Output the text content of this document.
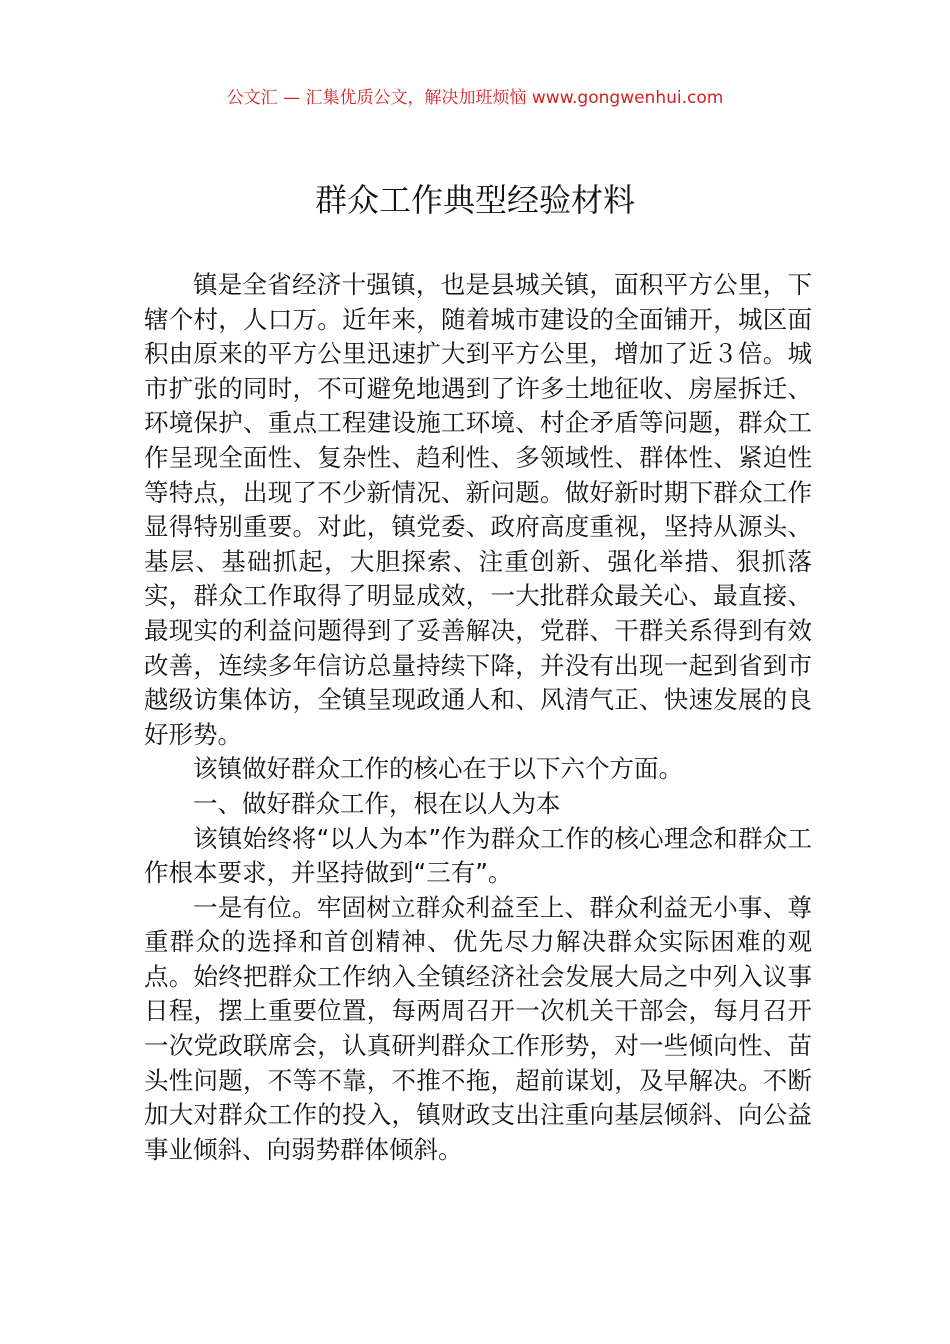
公文汇 — 汇集优质公文，解决加班烦恼 www.gongwenhui.com
群众工作典型经验材料

镇是全省经济十强镇，也是县城关镇，面积平方公里，下辖个村，人口万。近年来，随着城市建设的全面铺开，城区面积由原来的平方公里迅速扩大到平方公里，增加了近３倍。城市扩张的同时，不可避免地遇到了许多土地征收、房屋拆迁、环境保护、重点工程建设施工环境、村企矛盾等问题，群众工作呈现全面性、复杂性、趋利性、多领域性、群体性、紧迫性等特点，出现了不少新情况、新问题。做好新时期下群众工作显得特别重要。对此，镇党委、政府高度重视，坚持从源头、基层、基础抓起，大胆探索、注重创新、强化举措、狠抓落实，群众工作取得了明显成效，一大批群众最关心、最直接、最现实的利益问题得到了妥善解决，党群、干群关系得到有效改善，连续多年信访总量持续下降，并没有出现一起到省到市越级访集体访，全镇呈现政通人和、风清气正、快速发展的良好形势。

该镇做好群众工作的核心在于以下六个方面。

一、做好群众工作，根在以人为本

该镇始终将“以人为本”作为群众工作的核心理念和群众工作根本要求，并坚持做到“三有”。

一是有位。牢固树立群众利益至上、群众利益无小事、尊重群众的选择和首创精神、优先尽力解决群众实际困难的观点。始终把群众工作纳入全镇经济社会发展大局之中列入议事日程，摆上重要位置，每两周召开一次机关干部会，每月召开一次党政联席会，认真研判群众工作形势，对一些倾向性、苗头性问题，不等不靠，不推不拖，超前谋划，及早解决。不断加大对群众工作的投入，镇财政支出注重向基层倾斜、向公益事业倾斜、向弱势群体倾斜。
